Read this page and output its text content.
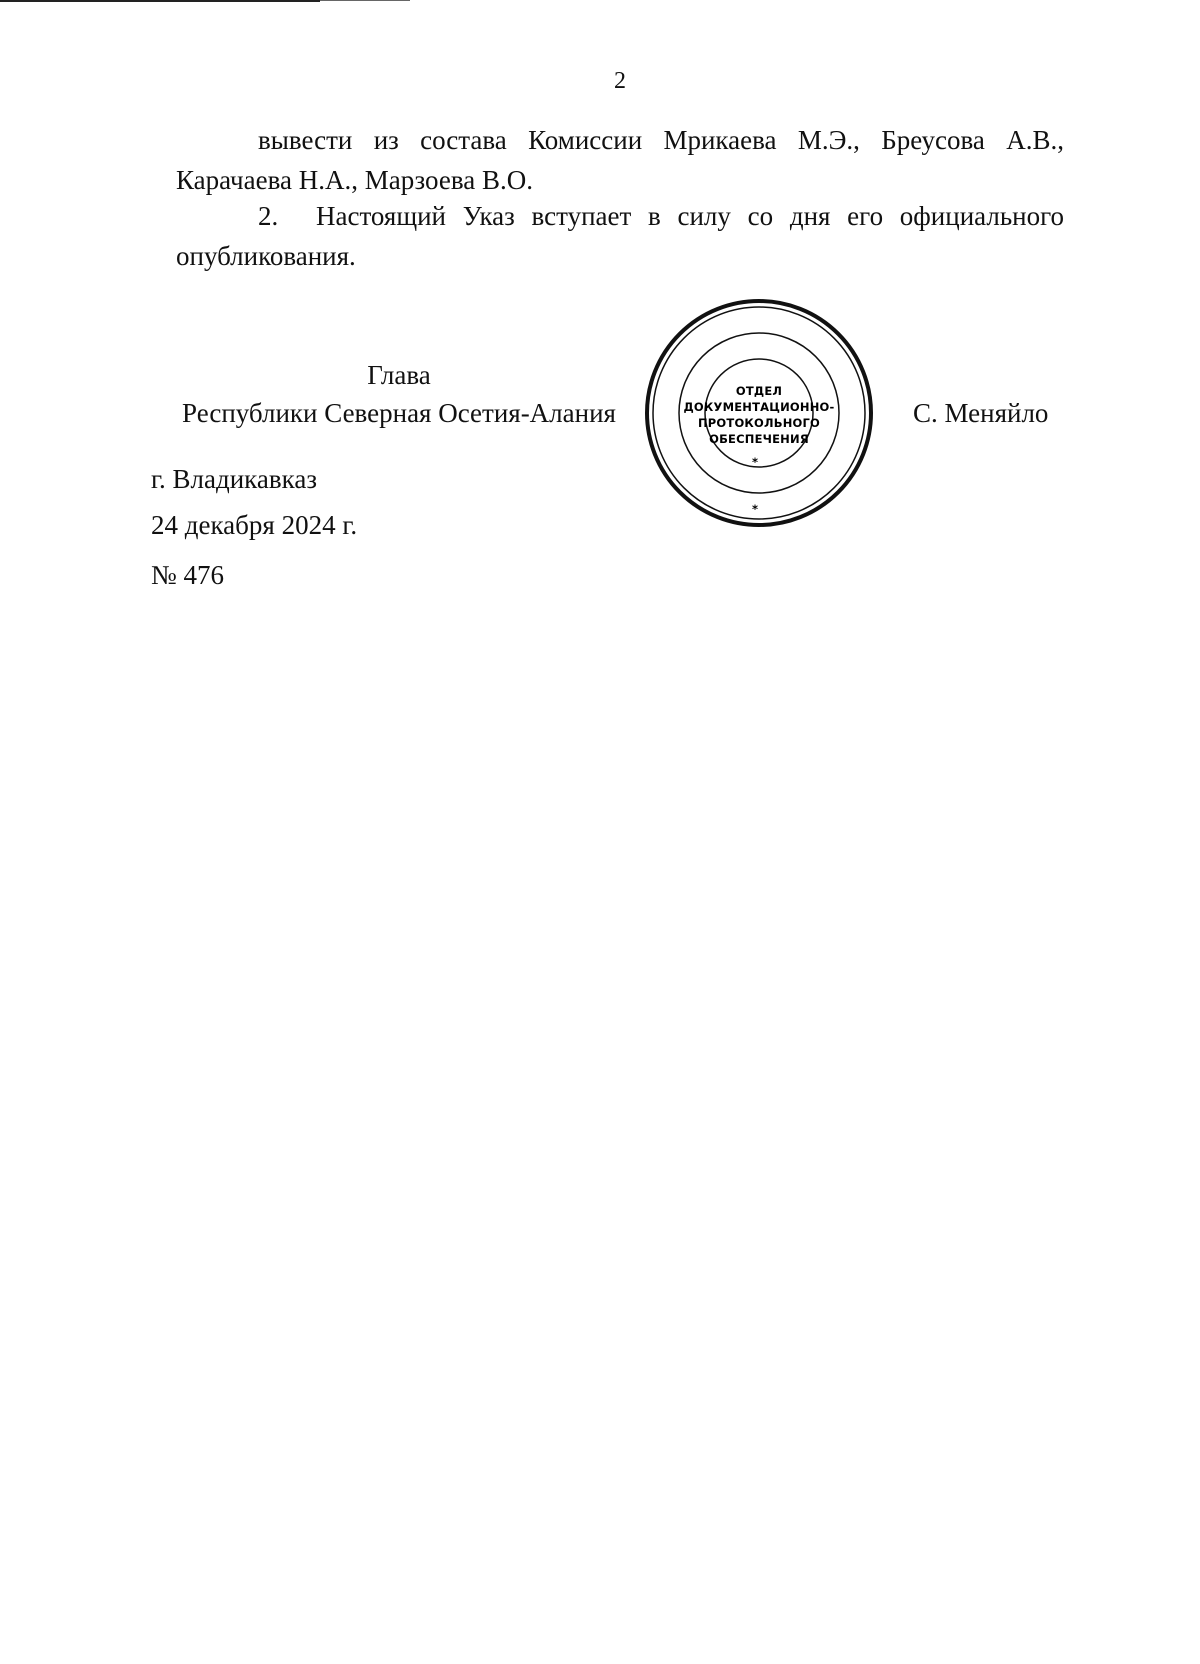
2
вывести из состава Комиссии Мрикаева М.Э., Бреусова А.В., Карачаева Н.А., Марзоева В.О.
2. Настоящий Указ вступает в силу со дня его официального опубликования.
Глава
Республики Северная Осетия-Алания
ОТДЕЛ
ДОКУМЕНТАЦИОННО-
ПРОТОКОЛЬНОГО
ОБЕСПЕЧЕНИЯ
*
*
С. Меняйло
г. Владикавказ
24 декабря 2024 г.
№ 476
